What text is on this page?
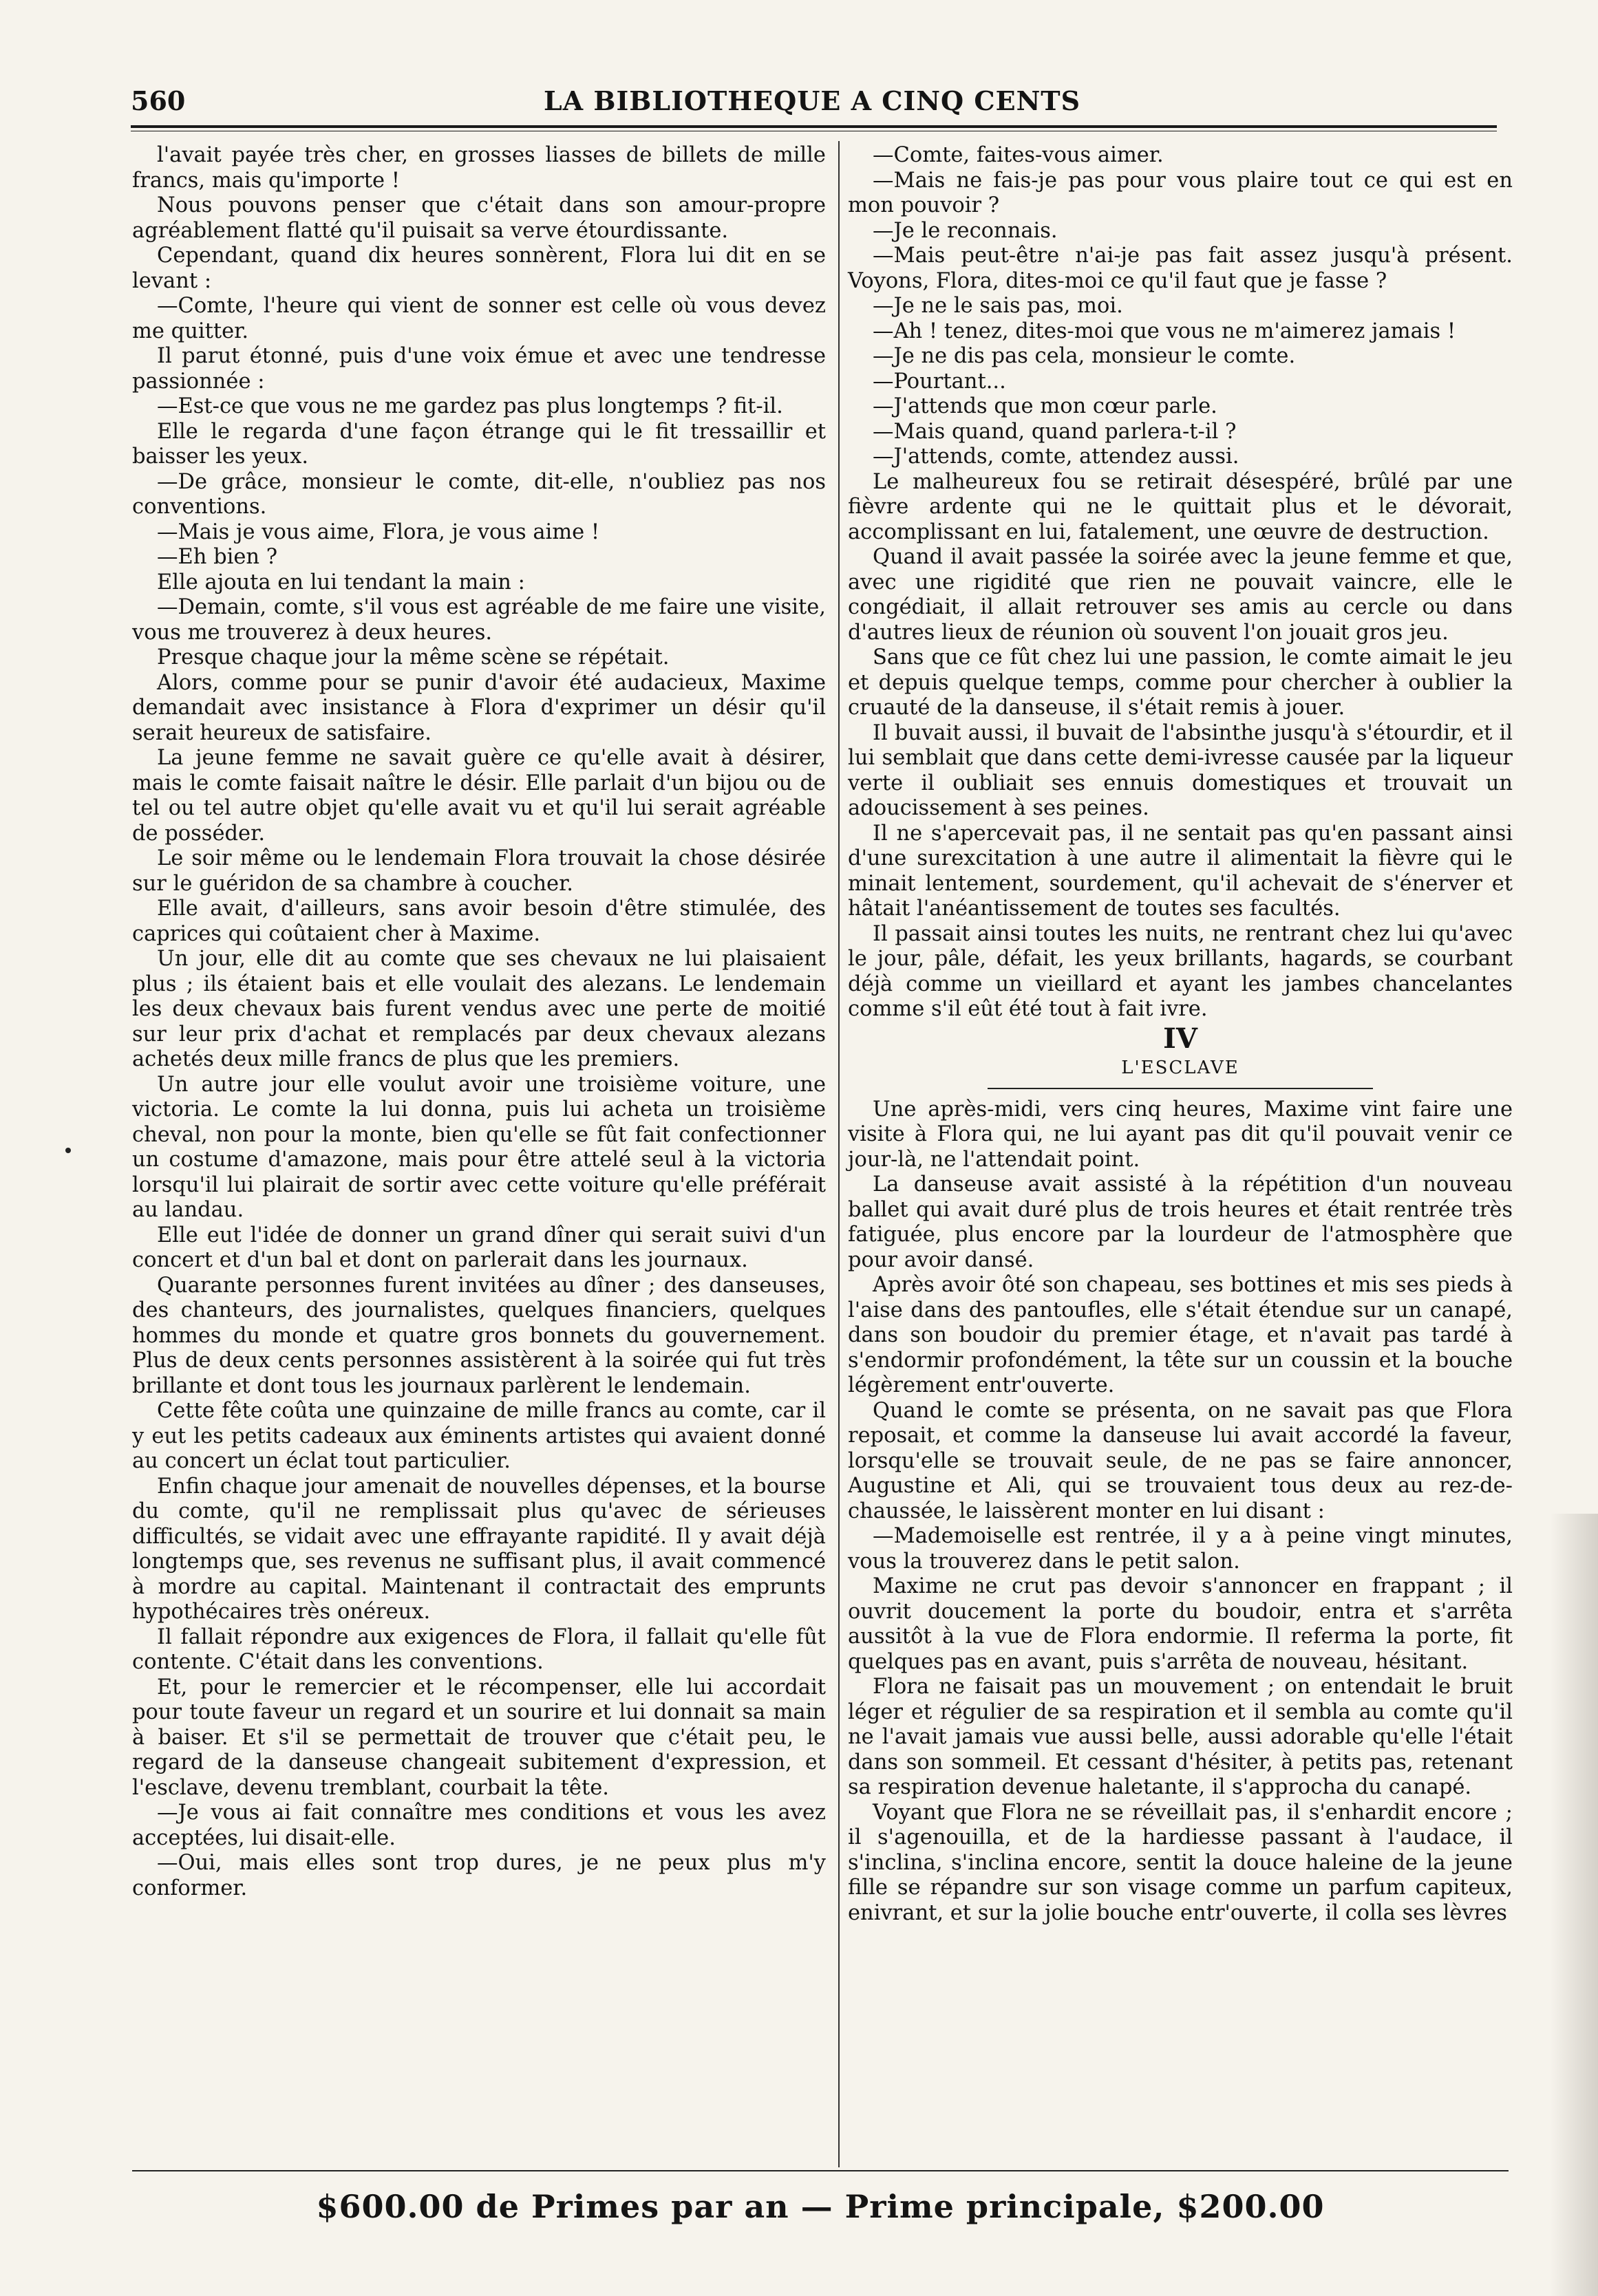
560	LA BIBLIOTHEQUE A CINQ CENTS

l'avait payée très cher, en grosses liasses de billets de mille francs, mais qu'importe !

Nous pouvons penser que c'était dans son amour-propre agréablement flatté qu'il puisait sa verve étourdissante.

Cependant, quand dix heures sonnèrent, Flora lui dit en se levant :

—Comte, l'heure qui vient de sonner est celle où vous devez me quitter.

Il parut étonné, puis d'une voix émue et avec une tendresse passionnée :

—Est-ce que vous ne me gardez pas plus longtemps ? fit-il.

Elle le regarda d'une façon étrange qui le fit tressaillir et baisser les yeux.

—De grâce, monsieur le comte, dit-elle, n'oubliez pas nos conventions.

—Mais je vous aime, Flora, je vous aime !

—Eh bien ?

Elle ajouta en lui tendant la main :

—Demain, comte, s'il vous est agréable de me faire une visite, vous me trouverez à deux heures.

Presque chaque jour la même scène se répétait.

Alors, comme pour se punir d'avoir été audacieux, Maxime demandait avec insistance à Flora d'exprimer un désir qu'il serait heureux de satisfaire.

La jeune femme ne savait guère ce qu'elle avait à désirer, mais le comte faisait naître le désir. Elle parlait d'un bijou ou de tel ou tel autre objet qu'elle avait vu et qu'il lui serait agréable de posséder.

Le soir même ou le lendemain Flora trouvait la chose désirée sur le guéridon de sa chambre à coucher.

Elle avait, d'ailleurs, sans avoir besoin d'être stimulée, des caprices qui coûtaient cher à Maxime.

Un jour, elle dit au comte que ses chevaux ne lui plaisaient plus ; ils étaient bais et elle voulait des alezans. Le lendemain les deux chevaux bais furent vendus avec une perte de moitié sur leur prix d'achat et remplacés par deux chevaux alezans achetés deux mille francs de plus que les premiers.

Un autre jour elle voulut avoir une troisième voiture, une victoria. Le comte la lui donna, puis lui acheta un troisième cheval, non pour la monte, bien qu'elle se fût fait confectionner un costume d'amazone, mais pour être attelé seul à la victoria lorsqu'il lui plairait de sortir avec cette voiture qu'elle préférait au landau.

Elle eut l'idée de donner un grand dîner qui serait suivi d'un concert et d'un bal et dont on parlerait dans les journaux.

Quarante personnes furent invitées au dîner ; des danseuses, des chanteurs, des journalistes, quelques financiers, quelques hommes du monde et quatre gros bonnets du gouvernement. Plus de deux cents personnes assistèrent à la soirée qui fut très brillante et dont tous les journaux parlèrent le lendemain.

Cette fête coûta une quinzaine de mille francs au comte, car il y eut les petits cadeaux aux éminents artistes qui avaient donné au concert un éclat tout particulier.

Enfin chaque jour amenait de nouvelles dépenses, et la bourse du comte, qu'il ne remplissait plus qu'avec de sérieuses difficultés, se vidait avec une effrayante rapidité. Il y avait déjà longtemps que, ses revenus ne suffisant plus, il avait commencé à mordre au capital. Maintenant il contractait des emprunts hypothécaires très onéreux.

Il fallait répondre aux exigences de Flora, il fallait qu'elle fût contente. C'était dans les conventions.

Et, pour le remercier et le récompenser, elle lui accordait pour toute faveur un regard et un sourire et lui donnait sa main à baiser. Et s'il se permettait de trouver que c'était peu, le regard de la danseuse changeait subitement d'expression, et l'esclave, devenu tremblant, courbait la tête.

—Je vous ai fait connaître mes conditions et vous les avez acceptées, lui disait-elle.

—Oui, mais elles sont trop dures, je ne peux plus m'y conformer.

—Comte, faites-vous aimer.

—Mais ne fais-je pas pour vous plaire tout ce qui est en mon pouvoir ?

—Je le reconnais.

—Mais peut-être n'ai-je pas fait assez jusqu'à présent. Voyons, Flora, dites-moi ce qu'il faut que je fasse ?

—Je ne le sais pas, moi.

—Ah ! tenez, dites-moi que vous ne m'aimerez jamais !

—Je ne dis pas cela, monsieur le comte.

—Pourtant...

—J'attends que mon cœur parle.

—Mais quand, quand parlera-t-il ?

—J'attends, comte, attendez aussi.

Le malheureux fou se retirait désespéré, brûlé par une fièvre ardente qui ne le quittait plus et le dévorait, accomplissant en lui, fatalement, une œuvre de destruction.

Quand il avait passée la soirée avec la jeune femme et que, avec une rigidité que rien ne pouvait vaincre, elle le congédiait, il allait retrouver ses amis au cercle ou dans d'autres lieux de réunion où souvent l'on jouait gros jeu.

Sans que ce fût chez lui une passion, le comte aimait le jeu et depuis quelque temps, comme pour chercher à oublier la cruauté de la danseuse, il s'était remis à jouer.

Il buvait aussi, il buvait de l'absinthe jusqu'à s'étourdir, et il lui semblait que dans cette demi-ivresse causée par la liqueur verte il oubliait ses ennuis domestiques et trouvait un adoucissement à ses peines.

Il ne s'apercevait pas, il ne sentait pas qu'en passant ainsi d'une surexcitation à une autre il alimentait la fièvre qui le minait lentement, sourdement, qu'il achevait de s'énerver et hâtait l'anéantissement de toutes ses facultés.

Il passait ainsi toutes les nuits, ne rentrant chez lui qu'avec le jour, pâle, défait, les yeux brillants, hagards, se courbant déjà comme un vieillard et ayant les jambes chancelantes comme s'il eût été tout à fait ivre.

IV
L'ESCLAVE

Une après-midi, vers cinq heures, Maxime vint faire une visite à Flora qui, ne lui ayant pas dit qu'il pouvait venir ce jour-là, ne l'attendait point.

La danseuse avait assisté à la répétition d'un nouveau ballet qui avait duré plus de trois heures et était rentrée très fatiguée, plus encore par la lourdeur de l'atmosphère que pour avoir dansé.

Après avoir ôté son chapeau, ses bottines et mis ses pieds à l'aise dans des pantoufles, elle s'était étendue sur un canapé, dans son boudoir du premier étage, et n'avait pas tardé à s'endormir profondément, la tête sur un coussin et la bouche légèrement entr'ouverte.

Quand le comte se présenta, on ne savait pas que Flora reposait, et comme la danseuse lui avait accordé la faveur, lorsqu'elle se trouvait seule, de ne pas se faire annoncer, Augustine et Ali, qui se trouvaient tous deux au rez-de-chaussée, le laissèrent monter en lui disant :

—Mademoiselle est rentrée, il y a à peine vingt minutes, vous la trouverez dans le petit salon.

Maxime ne crut pas devoir s'annoncer en frappant ; il ouvrit doucement la porte du boudoir, entra et s'arrêta aussitôt à la vue de Flora endormie. Il referma la porte, fit quelques pas en avant, puis s'arrêta de nouveau, hésitant.

Flora ne faisait pas un mouvement ; on entendait le bruit léger et régulier de sa respiration et il sembla au comte qu'il ne l'avait jamais vue aussi belle, aussi adorable qu'elle l'était dans son sommeil. Et cessant d'hésiter, à petits pas, retenant sa respiration devenue haletante, il s'approcha du canapé.

Voyant que Flora ne se réveillait pas, il s'enhardit encore ; il s'agenouilla, et de la hardiesse passant à l'audace, il s'inclina, s'inclina encore, sentit la douce haleine de la jeune fille se répandre sur son visage comme un parfum capiteux, enivrant, et sur la jolie bouche entr'ouverte, il colla ses lèvres

$600.00 de Primes par an — Prime principale, $200.00
